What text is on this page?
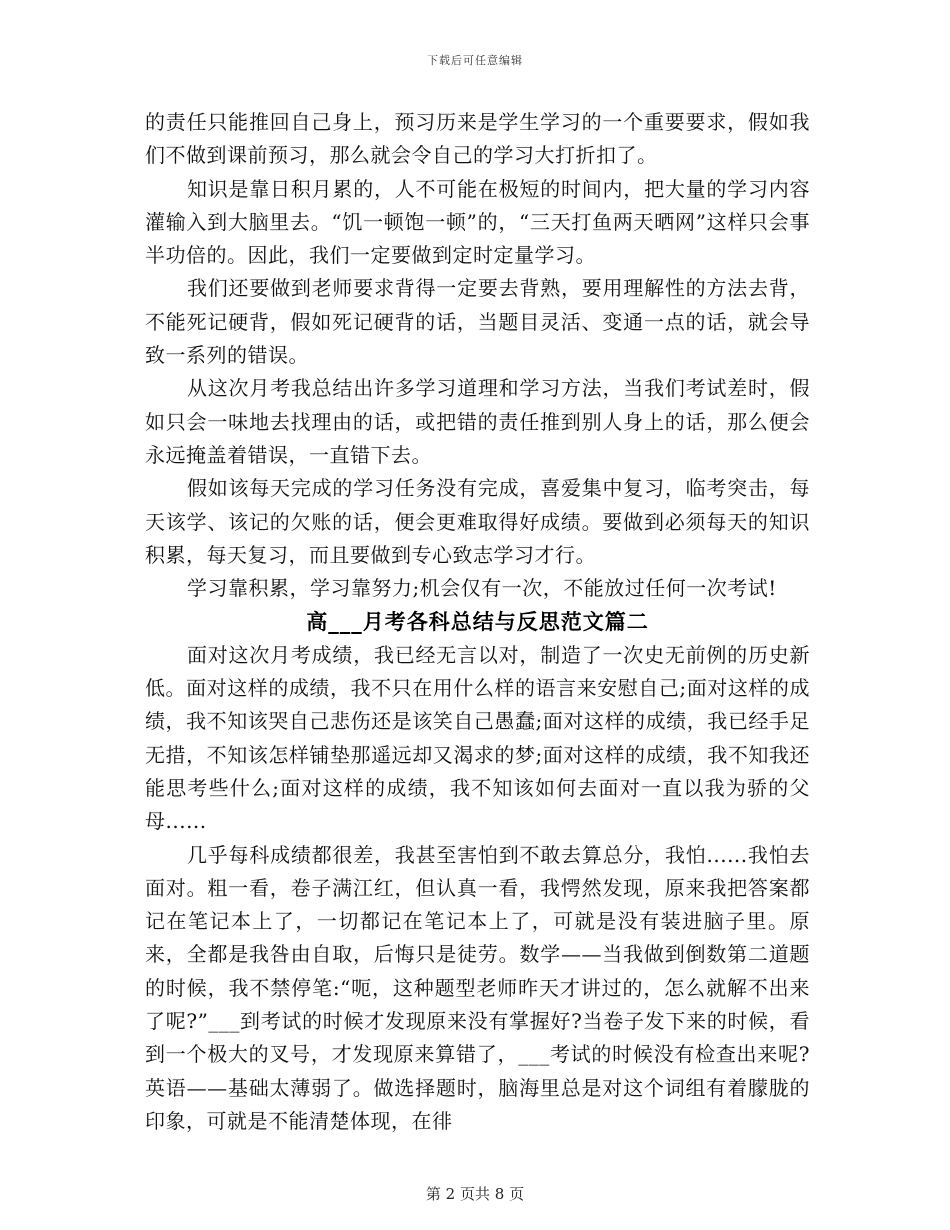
下载后可任意编辑

的责任只能推回自己身上，预习历来是学生学习的一个重要要求，假如我们不做到课前预习，那么就会令自己的学习大打折扣了。

知识是靠日积月累的，人不可能在极短的时间内，把大量的学习内容灌输入到大脑里去。“饥一顿饱一顿”的，“三天打鱼两天晒网”这样只会事半功倍的。因此，我们一定要做到定时定量学习。

我们还要做到老师要求背得一定要去背熟，要用理解性的方法去背，不能死记硬背，假如死记硬背的话，当题目灵活、变通一点的话，就会导致一系列的错误。

从这次月考我总结出许多学习道理和学习方法，当我们考试差时，假如只会一味地去找理由的话，或把错的责任推到别人身上的话，那么便会永远掩盖着错误，一直错下去。

假如该每天完成的学习任务没有完成，喜爱集中复习，临考突击，每天该学、该记的欠账的话，便会更难取得好成绩。要做到必须每天的知识积累，每天复习，而且要做到专心致志学习才行。

学习靠积累，学习靠努力;机会仅有一次，不能放过任何一次考试!

高___月考各科总结与反思范文篇二

面对这次月考成绩，我已经无言以对，制造了一次史无前例的历史新低。面对这样的成绩，我不只在用什么样的语言来安慰自己;面对这样的成绩，我不知该哭自己悲伤还是该笑自己愚蠢;面对这样的成绩，我已经手足无措，不知该怎样铺垫那遥远却又渴求的梦;面对这样的成绩，我不知我还能思考些什么;面对这样的成绩，我不知该如何去面对一直以我为骄的父母......

几乎每科成绩都很差，我甚至害怕到不敢去算总分，我怕......我怕去面对。粗一看，卷子满江红，但认真一看，我愕然发现，原来我把答案都记在笔记本上了，一切都记在笔记本上了，可就是没有装进脑子里。原来，全都是我咎由自取，后悔只是徒劳。数学——当我做到倒数第二道题的时候，我不禁停笔:“呃，这种题型老师昨天才讲过的，怎么就解不出来了呢?”___到考试的时候才发现原来没有掌握好?当卷子发下来的时候，看到一个极大的叉号，才发现原来算错了，___考试的时候没有检查出来呢?英语——基础太薄弱了。做选择题时，脑海里总是对这个词组有着朦胧的印象，可就是不能清楚体现，在徘

第 2 页共 8 页
